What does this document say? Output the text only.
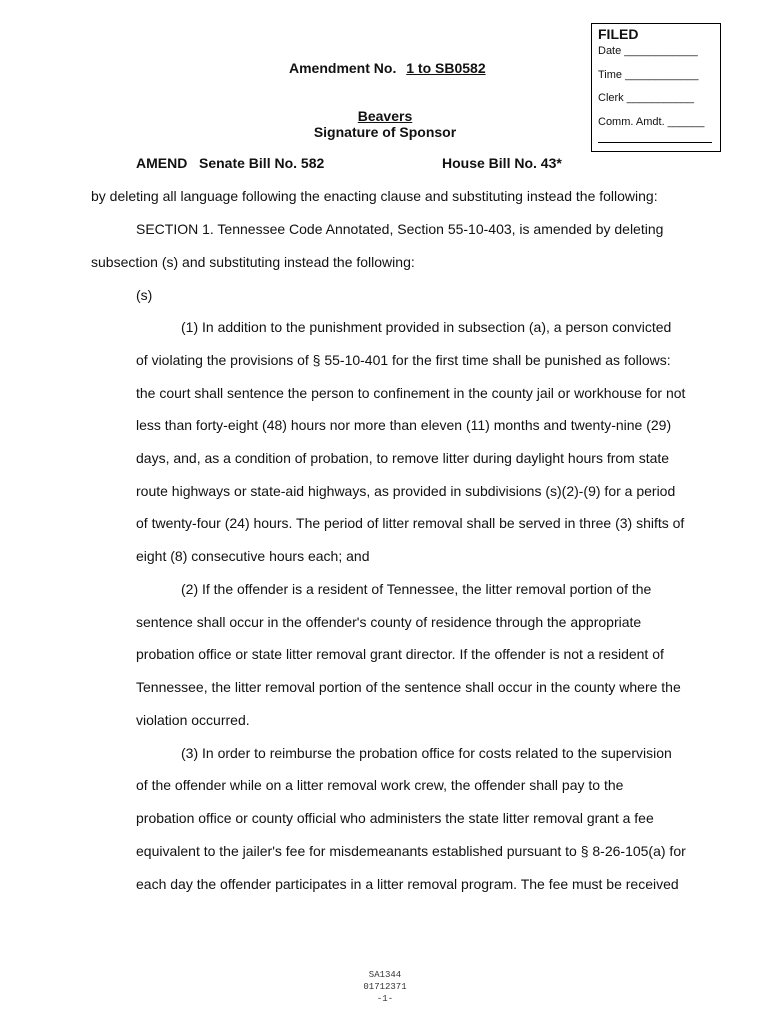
FILED
Date ____________
Time ____________
Clerk ___________
Comm. Amdt. ______
Amendment No. 1 to SB0582
Beavers
Signature of Sponsor
AMEND Senate Bill No. 582	House Bill No. 43*
by deleting all language following the enacting clause and substituting instead the following:
SECTION 1. Tennessee Code Annotated, Section 55-10-403, is amended by deleting
subsection (s) and substituting instead the following:
(s)
(1) In addition to the punishment provided in subsection (a), a person convicted
of violating the provisions of § 55-10-401 for the first time shall be punished as follows:
the court shall sentence the person to confinement in the county jail or workhouse for not
less than forty-eight (48) hours nor more than eleven (11) months and twenty-nine (29)
days, and, as a condition of probation, to remove litter during daylight hours from state
route highways or state-aid highways, as provided in subdivisions (s)(2)-(9) for a period
of twenty-four (24) hours. The period of litter removal shall be served in three (3) shifts of
eight (8) consecutive hours each; and
(2) If the offender is a resident of Tennessee, the litter removal portion of the
sentence shall occur in the offender's county of residence through the appropriate
probation office or state litter removal grant director. If the offender is not a resident of
Tennessee, the litter removal portion of the sentence shall occur in the county where the
violation occurred.
(3) In order to reimburse the probation office for costs related to the supervision
of the offender while on a litter removal work crew, the offender shall pay to the
probation office or county official who administers the state litter removal grant a fee
equivalent to the jailer's fee for misdemeanants established pursuant to § 8-26-105(a) for
each day the offender participates in a litter removal program. The fee must be received
SA1344
01712371
-1-
